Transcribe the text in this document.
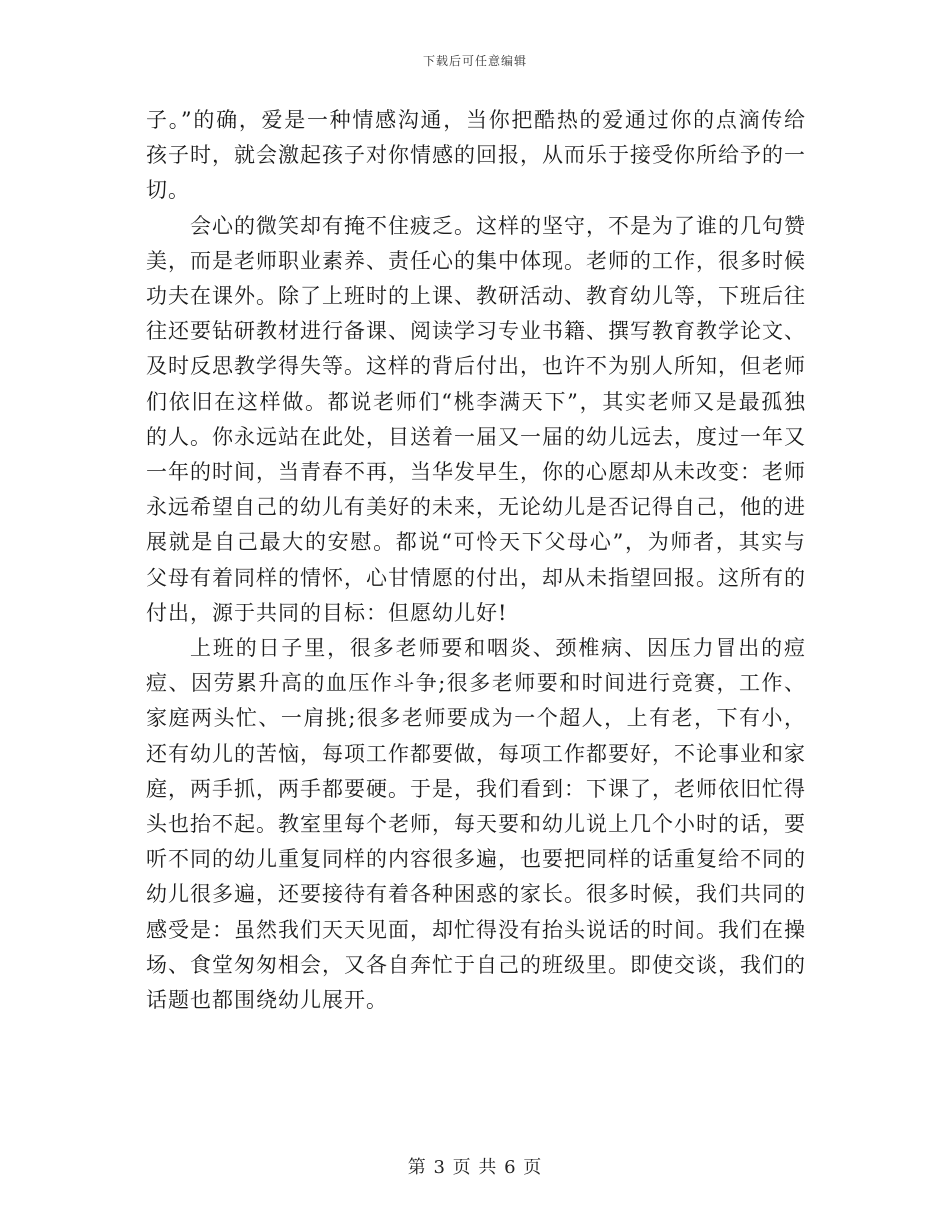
下载后可任意编辑

子。”的确，爱是一种情感沟通，当你把酷热的爱通过你的点滴传给孩子时，就会激起孩子对你情感的回报，从而乐于接受你所给予的一切。

会心的微笑却有掩不住疲乏。这样的坚守，不是为了谁的几句赞美，而是老师职业素养、责任心的集中体现。老师的工作，很多时候功夫在课外。除了上班时的上课、教研活动、教育幼儿等，下班后往往还要钻研教材进行备课、阅读学习专业书籍、撰写教育教学论文、及时反思教学得失等。这样的背后付出，也许不为别人所知，但老师们依旧在这样做。都说老师们“桃李满天下”，其实老师又是最孤独的人。你永远站在此处，目送着一届又一届的幼儿远去，度过一年又一年的时间，当青春不再，当华发早生，你的心愿却从未改变：老师永远希望自己的幼儿有美好的未来，无论幼儿是否记得自己，他的进展就是自己最大的安慰。都说“可怜天下父母心”，为师者，其实与父母有着同样的情怀，心甘情愿的付出，却从未指望回报。这所有的付出，源于共同的目标：但愿幼儿好!

上班的日子里，很多老师要和咽炎、颈椎病、因压力冒出的痘痘、因劳累升高的血压作斗争;很多老师要和时间进行竞赛，工作、家庭两头忙、一肩挑;很多老师要成为一个超人，上有老，下有小，还有幼儿的苦恼，每项工作都要做，每项工作都要好，不论事业和家庭，两手抓，两手都要硬。于是，我们看到：下课了，老师依旧忙得头也抬不起。教室里每个老师，每天要和幼儿说上几个小时的话，要听不同的幼儿重复同样的内容很多遍，也要把同样的话重复给不同的幼儿很多遍，还要接待有着各种困惑的家长。很多时候，我们共同的感受是：虽然我们天天见面，却忙得没有抬头说话的时间。我们在操场、食堂匆匆相会，又各自奔忙于自己的班级里。即使交谈，我们的话题也都围绕幼儿展开。

第 3 页 共 6 页
